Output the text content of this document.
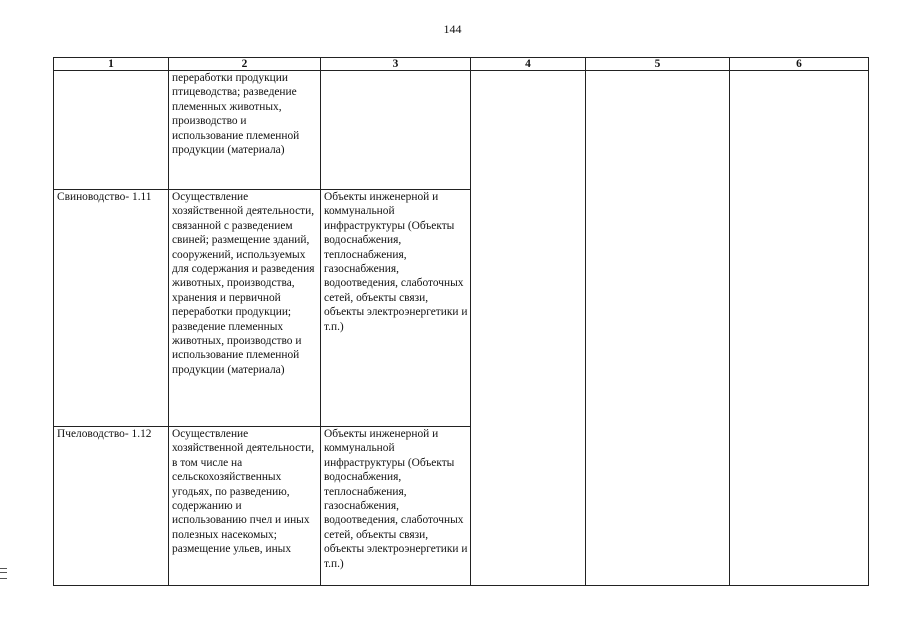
144
1	2	3	4	5	6
	переработки продукции птицеводства; разведение племенных животных, производство и использование племенной продукции (материала)				
Свиноводство- 1.11	Осуществление хозяйственной деятельности, связанной с разведением свиней; размещение зданий, сооружений, используемых для содержания и разведения животных, производства, хранения и первичной переработки продукции; разведение племенных животных, производство и использование племенной продукции (материала)	Объекты инженерной и коммунальной инфраструктуры (Объекты водоснабжения, теплоснабжения, газоснабжения, водоотведения, слаботочных сетей, объекты связи, объекты электроэнергетики и т.п.)			
Пчеловодство- 1.12	Осуществление хозяйственной деятельности, в том числе на сельскохозяйственных угодьях, по разведению, содержанию и использованию пчел и иных полезных насекомых; размещение ульев, иных	Объекты инженерной и коммунальной инфраструктуры (Объекты водоснабжения, теплоснабжения, газоснабжения, водоотведения, слаботочных сетей, объекты связи, объекты электроэнергетики и т.п.)			
